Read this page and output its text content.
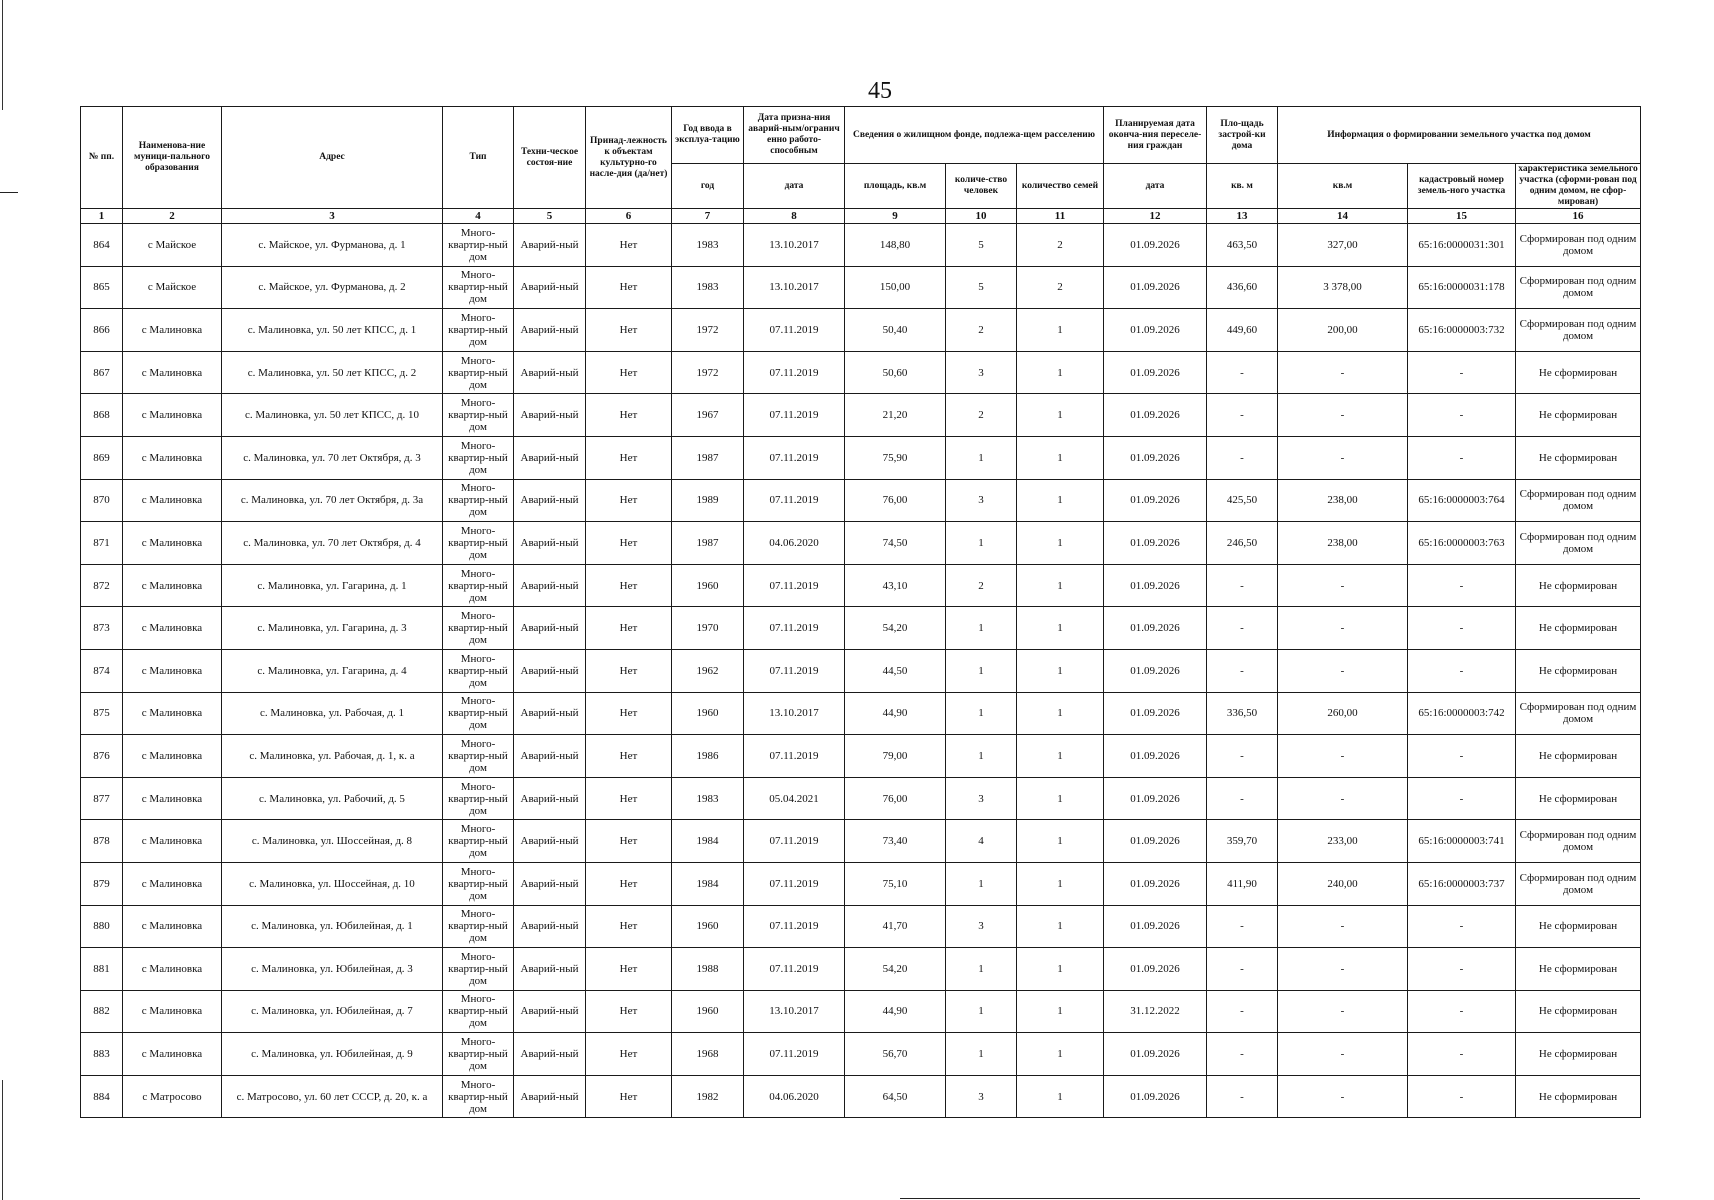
45
№ пп.	Наименова-ние муници-пального образования	Адрес	Тип	Техни-ческое состоя-ние	Принад-лежность к объектам культурно-го насле-дия (да/нет)	Год ввода в эксплуа-тацию	Дата призна-ния аварий-ным/огранич енно работо-способным	Сведения о жилищном фонде, подлежа-щем расселению			Планируемая дата оконча-ния переселе-ния граждан	Пло-щадь застрой-ки дома	Информация о формировании земельного участка под домом		
						год	дата	площадь, кв.м	количе-ство человек	количество семей	дата	кв. м	кв.м	кадастровый номер земель-ного участка	характеристика земельного участка (сформи-рован под одним домом, не сфор-мирован)
1	2	3	4	5	6	7	8	9	10	11	12	13	14	15	16
864	с Майское	с. Майское, ул. Фурманова, д. 1	Много-квартир-ный дом	Аварий-ный	Нет	1983	13.10.2017	148,80	5	2	01.09.2026	463,50	327,00	65:16:0000031:301	Сформирован под одним домом
865	с Майское	с. Майское, ул. Фурманова, д. 2	Много-квартир-ный дом	Аварий-ный	Нет	1983	13.10.2017	150,00	5	2	01.09.2026	436,60	3 378,00	65:16:0000031:178	Сформирован под одним домом
866	с Малиновка	с. Малиновка, ул. 50 лет КПСС, д. 1	Много-квартир-ный дом	Аварий-ный	Нет	1972	07.11.2019	50,40	2	1	01.09.2026	449,60	200,00	65:16:0000003:732	Сформирован под одним домом
867	с Малиновка	с. Малиновка, ул. 50 лет КПСС, д. 2	Много-квартир-ный дом	Аварий-ный	Нет	1972	07.11.2019	50,60	3	1	01.09.2026	-	-	-	Не сформирован
868	с Малиновка	с. Малиновка, ул. 50 лет КПСС, д. 10	Много-квартир-ный дом	Аварий-ный	Нет	1967	07.11.2019	21,20	2	1	01.09.2026	-	-	-	Не сформирован
869	с Малиновка	с. Малиновка, ул. 70 лет Октября, д. 3	Много-квартир-ный дом	Аварий-ный	Нет	1987	07.11.2019	75,90	1	1	01.09.2026	-	-	-	Не сформирован
870	с Малиновка	с. Малиновка, ул. 70 лет Октября, д. 3а	Много-квартир-ный дом	Аварий-ный	Нет	1989	07.11.2019	76,00	3	1	01.09.2026	425,50	238,00	65:16:0000003:764	Сформирован под одним домом
871	с Малиновка	с. Малиновка, ул. 70 лет Октября, д. 4	Много-квартир-ный дом	Аварий-ный	Нет	1987	04.06.2020	74,50	1	1	01.09.2026	246,50	238,00	65:16:0000003:763	Сформирован под одним домом
872	с Малиновка	с. Малиновка, ул. Гагарина, д. 1	Много-квартир-ный дом	Аварий-ный	Нет	1960	07.11.2019	43,10	2	1	01.09.2026	-	-	-	Не сформирован
873	с Малиновка	с. Малиновка, ул. Гагарина, д. 3	Много-квартир-ный дом	Аварий-ный	Нет	1970	07.11.2019	54,20	1	1	01.09.2026	-	-	-	Не сформирован
874	с Малиновка	с. Малиновка, ул. Гагарина, д. 4	Много-квартир-ный дом	Аварий-ный	Нет	1962	07.11.2019	44,50	1	1	01.09.2026	-	-	-	Не сформирован
875	с Малиновка	с. Малиновка, ул. Рабочая, д. 1	Много-квартир-ный дом	Аварий-ный	Нет	1960	13.10.2017	44,90	1	1	01.09.2026	336,50	260,00	65:16:0000003:742	Сформирован под одним домом
876	с Малиновка	с. Малиновка, ул. Рабочая, д. 1, к. а	Много-квартир-ный дом	Аварий-ный	Нет	1986	07.11.2019	79,00	1	1	01.09.2026	-	-	-	Не сформирован
877	с Малиновка	с. Малиновка, ул. Рабочий, д. 5	Много-квартир-ный дом	Аварий-ный	Нет	1983	05.04.2021	76,00	3	1	01.09.2026	-	-	-	Не сформирован
878	с Малиновка	с. Малиновка, ул. Шоссейная, д. 8	Много-квартир-ный дом	Аварий-ный	Нет	1984	07.11.2019	73,40	4	1	01.09.2026	359,70	233,00	65:16:0000003:741	Сформирован под одним домом
879	с Малиновка	с. Малиновка, ул. Шоссейная, д. 10	Много-квартир-ный дом	Аварий-ный	Нет	1984	07.11.2019	75,10	1	1	01.09.2026	411,90	240,00	65:16:0000003:737	Сформирован под одним домом
880	с Малиновка	с. Малиновка, ул. Юбилейная, д. 1	Много-квартир-ный дом	Аварий-ный	Нет	1960	07.11.2019	41,70	3	1	01.09.2026	-	-	-	Не сформирован
881	с Малиновка	с. Малиновка, ул. Юбилейная, д. 3	Много-квартир-ный дом	Аварий-ный	Нет	1988	07.11.2019	54,20	1	1	01.09.2026	-	-	-	Не сформирован
882	с Малиновка	с. Малиновка, ул. Юбилейная, д. 7	Много-квартир-ный дом	Аварий-ный	Нет	1960	13.10.2017	44,90	1	1	31.12.2022	-	-	-	Не сформирован
883	с Малиновка	с. Малиновка, ул. Юбилейная, д. 9	Много-квартир-ный дом	Аварий-ный	Нет	1968	07.11.2019	56,70	1	1	01.09.2026	-	-	-	Не сформирован
884	с Матросово	с. Матросово, ул. 60 лет СССР, д. 20, к. а	Много-квартир-ный дом	Аварий-ный	Нет	1982	04.06.2020	64,50	3	1	01.09.2026	-	-	-	Не сформирован
